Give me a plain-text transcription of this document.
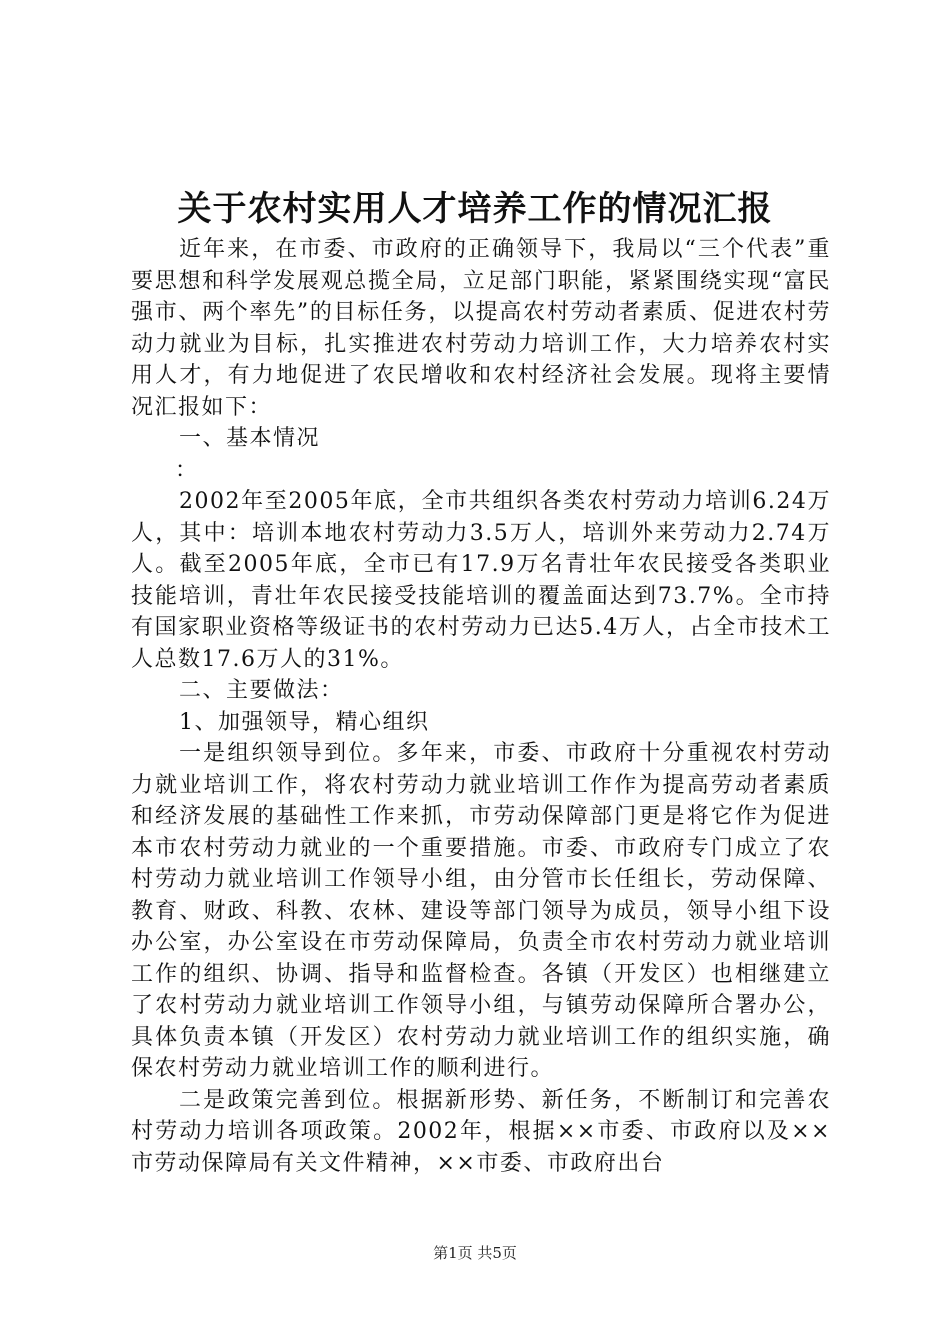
关于农村实用人才培养工作的情况汇报

近年来，在市委、市政府的正确领导下，我局以“三个代表”重要思想和科学发展观总揽全局，立足部门职能，紧紧围绕实现“富民强市、两个率先”的目标任务，以提高农村劳动者素质、促进农村劳动力就业为目标，扎实推进农村劳动力培训工作，大力培养农村实用人才，有力地促进了农民增收和农村经济社会发展。现将主要情况汇报如下：

一、基本情况

：

2002年至2005年底，全市共组织各类农村劳动力培训6.24万人，其中：培训本地农村劳动力3.5万人，培训外来劳动力2.74万人。截至2005年底，全市已有17.9万名青壮年农民接受各类职业技能培训，青壮年农民接受技能培训的覆盖面达到73.7%。全市持有国家职业资格等级证书的农村劳动力已达5.4万人，占全市技术工人总数17.6万人的31%。

二、主要做法：

1、加强领导，精心组织

一是组织领导到位。多年来，市委、市政府十分重视农村劳动力就业培训工作，将农村劳动力就业培训工作作为提高劳动者素质和经济发展的基础性工作来抓，市劳动保障部门更是将它作为促进本市农村劳动力就业的一个重要措施。市委、市政府专门成立了农村劳动力就业培训工作领导小组，由分管市长任组长，劳动保障、教育、财政、科教、农林、建设等部门领导为成员，领导小组下设办公室，办公室设在市劳动保障局，负责全市农村劳动力就业培训工作的组织、协调、指导和监督检查。各镇（开发区）也相继建立了农村劳动力就业培训工作领导小组，与镇劳动保障所合署办公，具体负责本镇（开发区）农村劳动力就业培训工作的组织实施，确保农村劳动力就业培训工作的顺利进行。

二是政策完善到位。根据新形势、新任务，不断制订和完善农村劳动力培训各项政策。2002年，根据××市委、市政府以及××市劳动保障局有关文件精神，××市委、市政府出台

第1页 共5页
